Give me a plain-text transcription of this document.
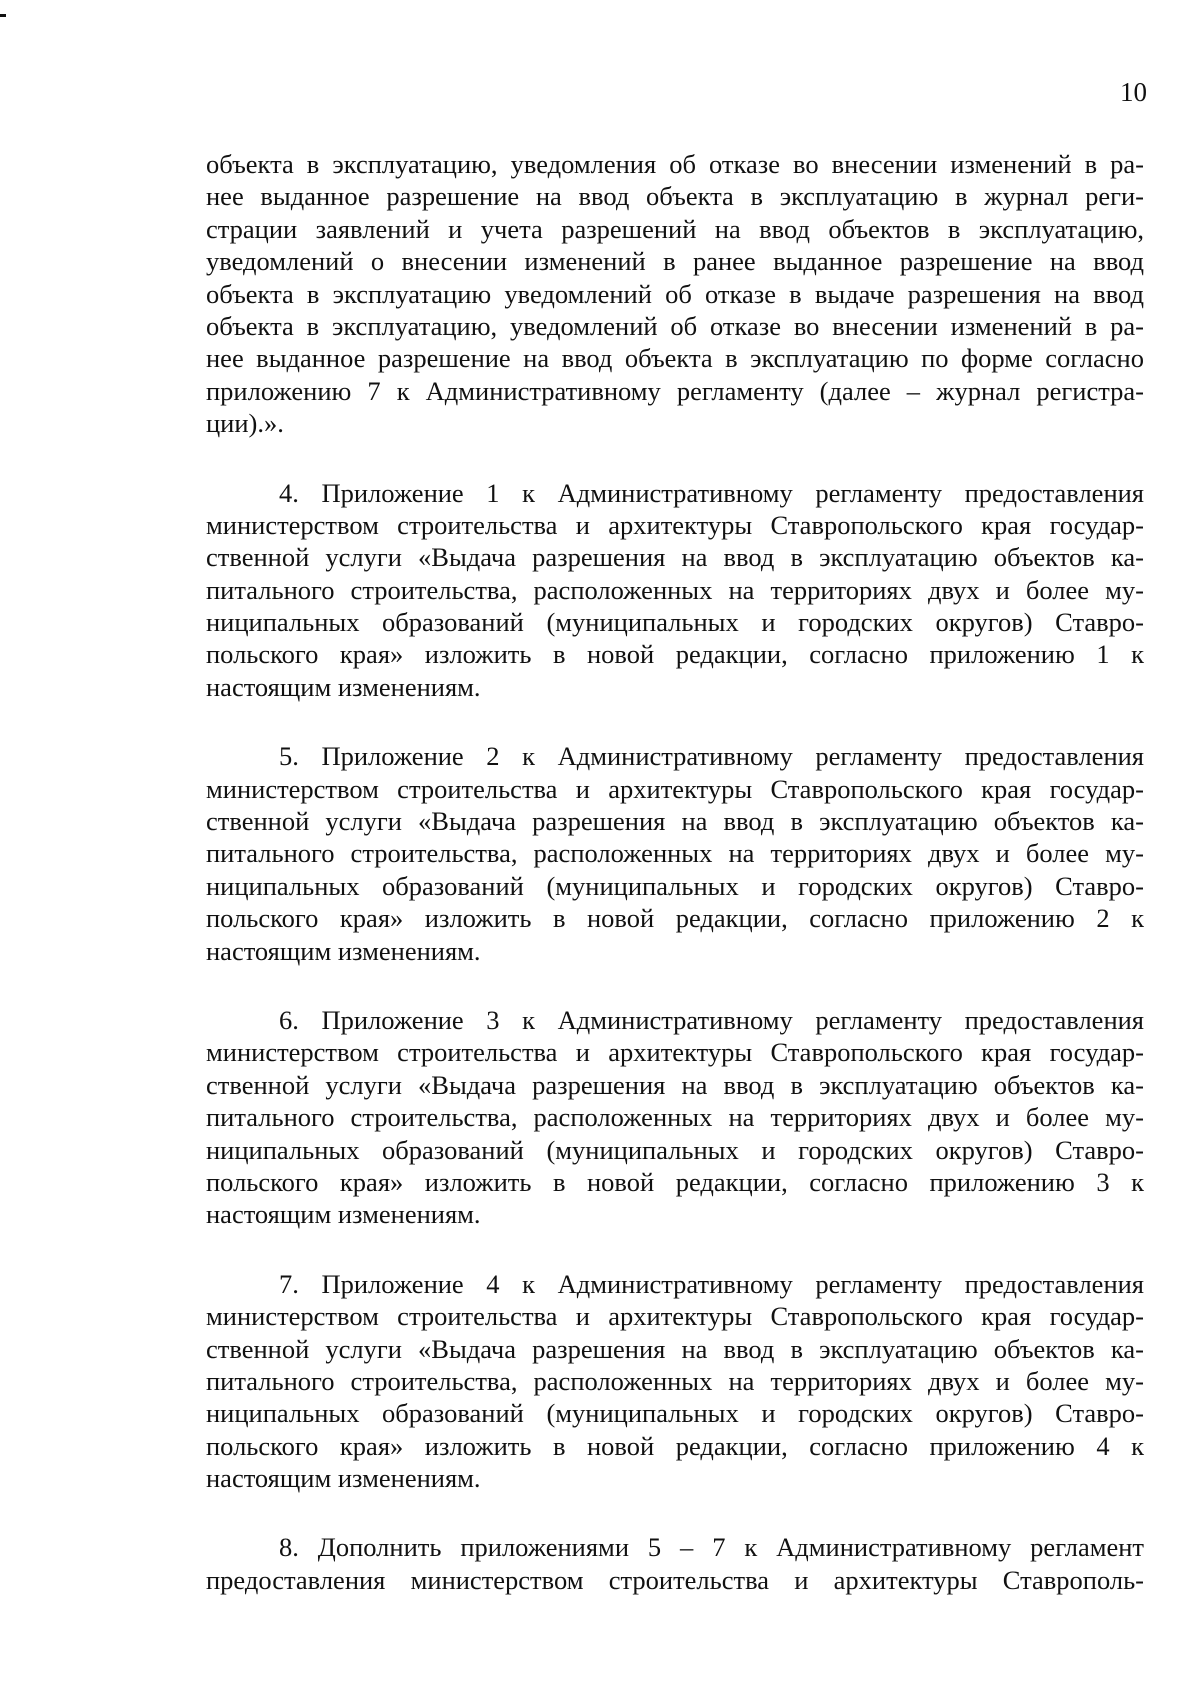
10
объекта в эксплуатацию, уведомления об отказе во внесении изменений в ра-
нее выданное разрешение на ввод объекта в эксплуатацию в журнал реги-
страции заявлений и учета разрешений на ввод объектов в эксплуатацию,
уведомлений о внесении изменений в ранее выданное разрешение на ввод
объекта в эксплуатацию уведомлений об отказе в выдаче разрешения на ввод
объекта в эксплуатацию, уведомлений об отказе во внесении изменений в ра-
нее выданное разрешение на ввод объекта в эксплуатацию по форме согласно
приложению 7 к Административному регламенту (далее – журнал регистра-
ции).».
4. Приложение 1 к Административному регламенту предоставления
министерством строительства и архитектуры Ставропольского края государ-
ственной услуги «Выдача разрешения на ввод в эксплуатацию объектов ка-
питального строительства, расположенных на территориях двух и более му-
ниципальных образований (муниципальных и городских округов) Ставро-
польского края» изложить в новой редакции, согласно приложению 1 к
настоящим изменениям.
5. Приложение 2 к Административному регламенту предоставления
министерством строительства и архитектуры Ставропольского края государ-
ственной услуги «Выдача разрешения на ввод в эксплуатацию объектов ка-
питального строительства, расположенных на территориях двух и более му-
ниципальных образований (муниципальных и городских округов) Ставро-
польского края» изложить в новой редакции, согласно приложению 2 к
настоящим изменениям.
6. Приложение 3 к Административному регламенту предоставления
министерством строительства и архитектуры Ставропольского края государ-
ственной услуги «Выдача разрешения на ввод в эксплуатацию объектов ка-
питального строительства, расположенных на территориях двух и более му-
ниципальных образований (муниципальных и городских округов) Ставро-
польского края» изложить в новой редакции, согласно приложению 3 к
настоящим изменениям.
7. Приложение 4 к Административному регламенту предоставления
министерством строительства и архитектуры Ставропольского края государ-
ственной услуги «Выдача разрешения на ввод в эксплуатацию объектов ка-
питального строительства, расположенных на территориях двух и более му-
ниципальных образований (муниципальных и городских округов) Ставро-
польского края» изложить в новой редакции, согласно приложению 4 к
настоящим изменениям.
8. Дополнить приложениями 5 – 7 к Административному регламент
предоставления министерством строительства и архитектуры Ставрополь-
